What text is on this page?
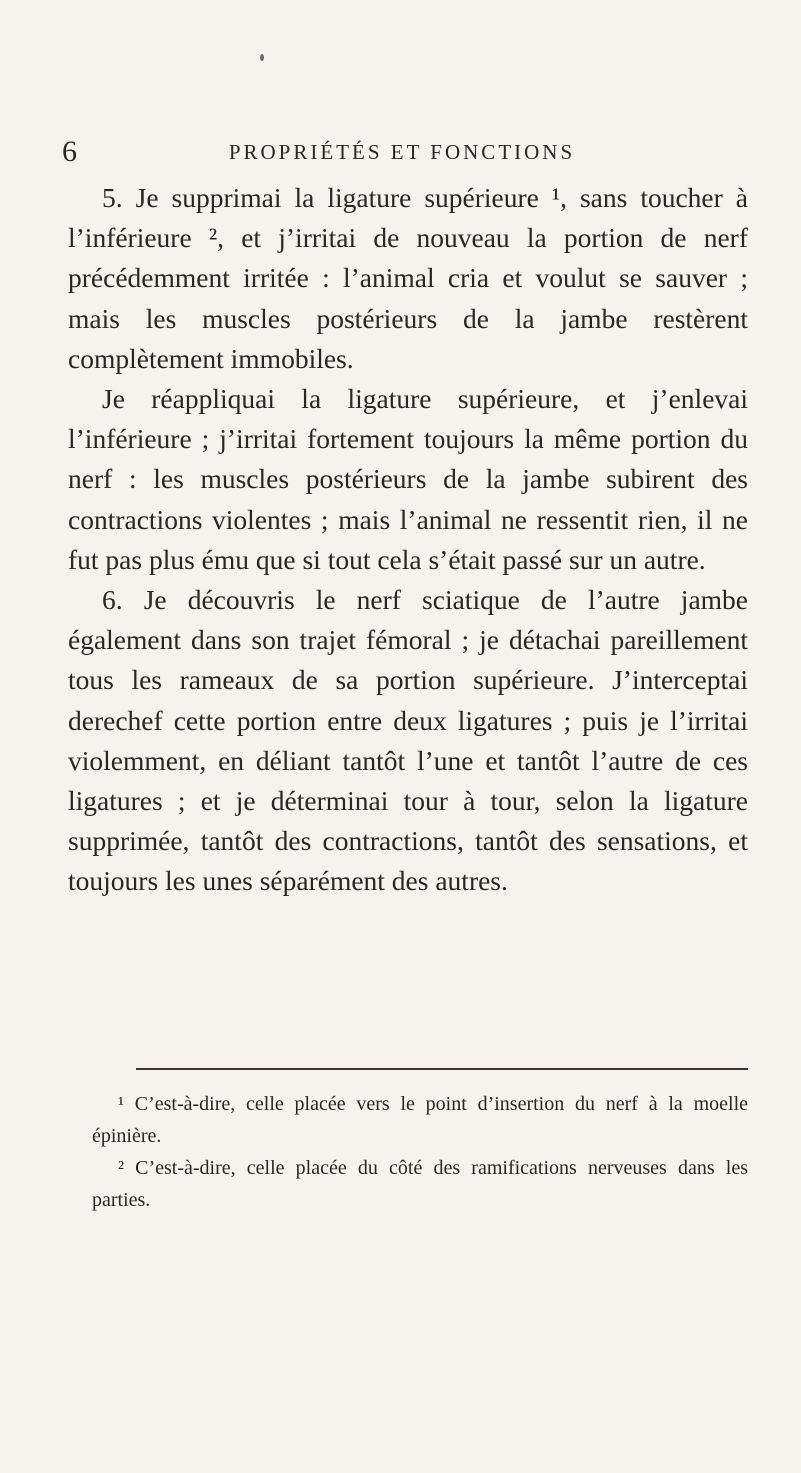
6	PROPRIÉTÉS ET FONCTIONS

5. Je supprimai la ligature supérieure ¹, sans toucher à l’inférieure ², et j’irritai de nouveau la portion de nerf précédemment irritée : l’animal cria et voulut se sauver ; mais les muscles postérieurs de la jambe restèrent complètement immobiles.

Je réappliquai la ligature supérieure, et j’enlevai l’inférieure ; j’irritai fortement toujours la même portion du nerf : les muscles postérieurs de la jambe subirent des contractions violentes ; mais l’animal ne ressentit rien, il ne fut pas plus ému que si tout cela s’était passé sur un autre.

6. Je découvris le nerf sciatique de l’autre jambe également dans son trajet fémoral ; je détachai pareillement tous les rameaux de sa portion supérieure. J’interceptai derechef cette portion entre deux ligatures ; puis je l’irritai violemment, en déliant tantôt l’une et tantôt l’autre de ces ligatures ; et je déterminai tour à tour, selon la ligature supprimée, tantôt des contractions, tantôt des sensations, et toujours les unes séparément des autres.

¹ C’est-à-dire, celle placée vers le point d’insertion du nerf à la moelle épinière.

² C’est-à-dire, celle placée du côté des ramifications nerveuses dans les parties.
